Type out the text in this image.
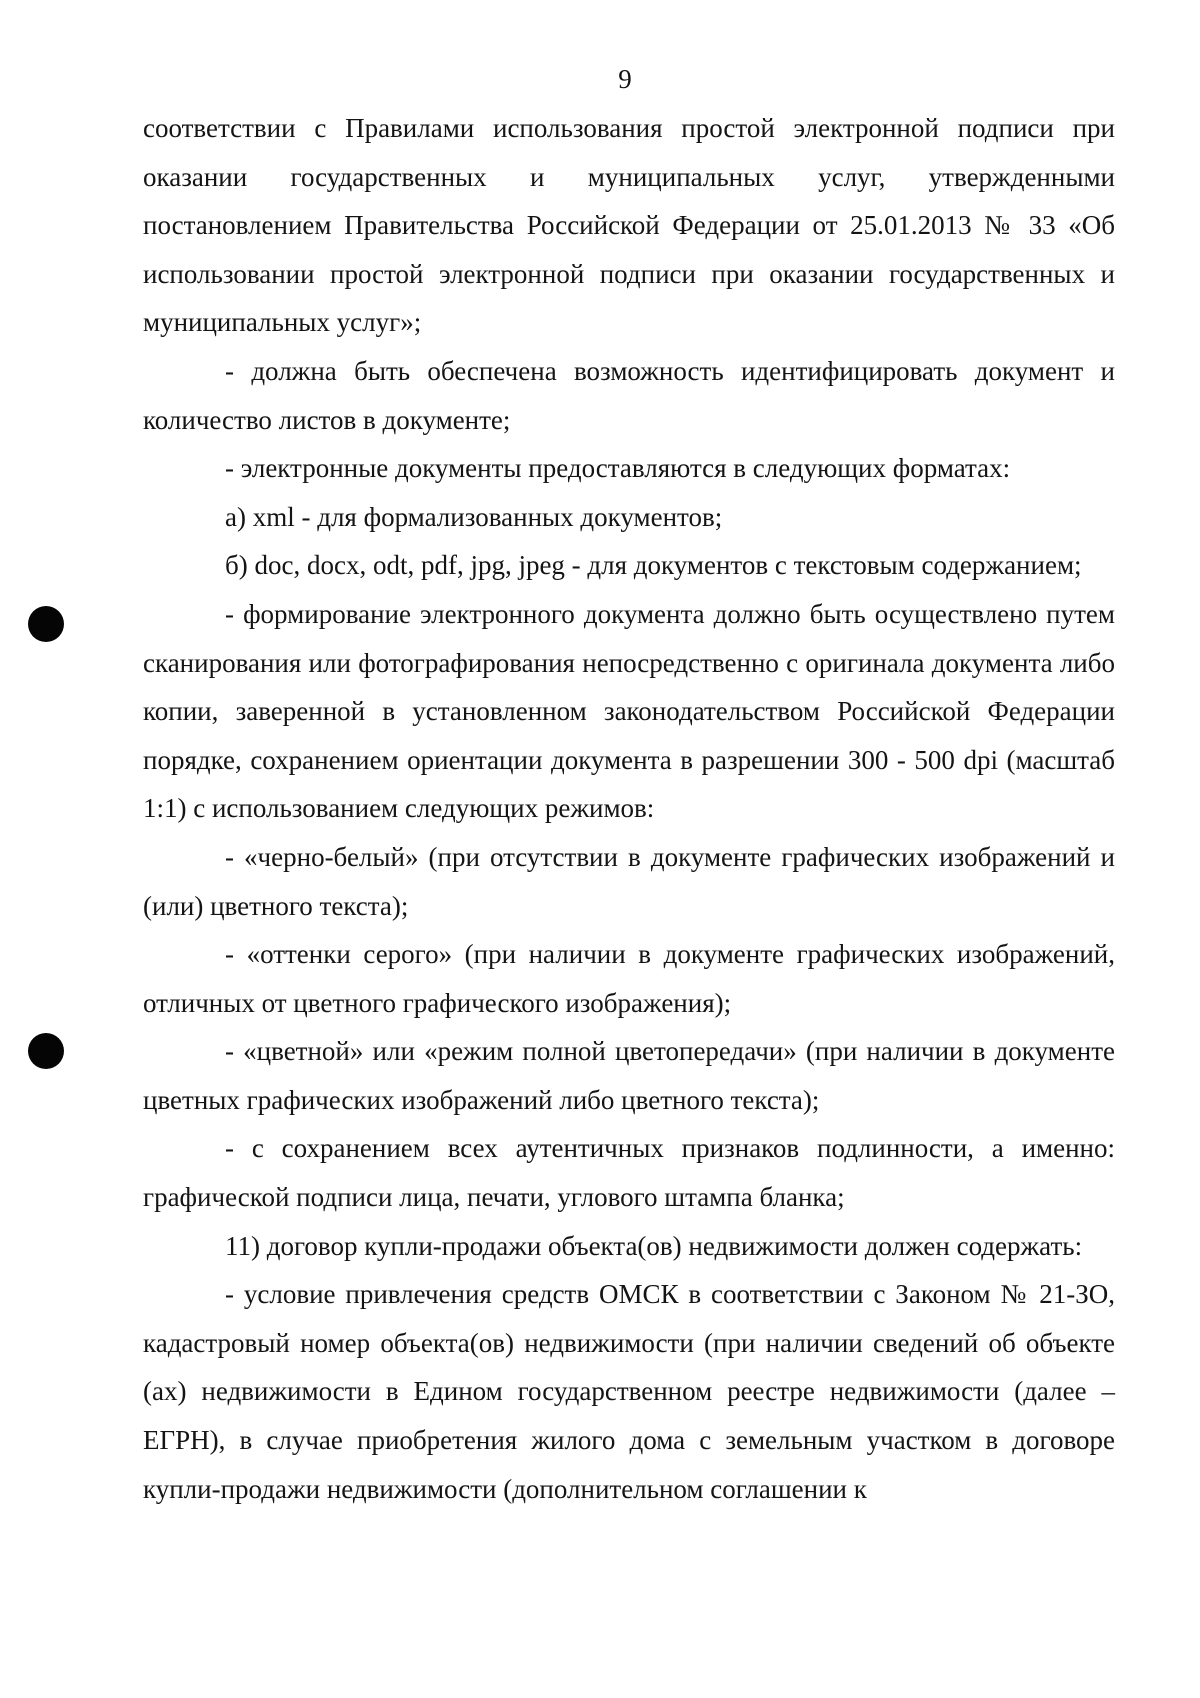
9

соответствии с Правилами использования простой электронной подписи при оказании государственных и муниципальных услуг, утвержденными постановлением Правительства Российской Федерации от 25.01.2013 № 33 «Об использовании простой электронной подписи при оказании государственных и муниципальных услуг»;

- должна быть обеспечена возможность идентифицировать документ и количество листов в документе;

- электронные документы предоставляются в следующих форматах:

а) xml - для формализованных документов;

б) doc, docx, odt, pdf, jpg, jpeg - для документов с текстовым содержанием;

- формирование электронного документа должно быть осуществлено путем сканирования или фотографирования непосредственно с оригинала документа либо копии, заверенной в установленном законодательством Российской Федерации порядке, сохранением ориентации документа в разрешении 300 - 500 dpi (масштаб 1:1) с использованием следующих режимов:

- «черно-белый» (при отсутствии в документе графических изображений и (или) цветного текста);

- «оттенки серого» (при наличии в документе графических изображений, отличных от цветного графического изображения);

- «цветной» или «режим полной цветопередачи» (при наличии в документе цветных графических изображений либо цветного текста);

- с сохранением всех аутентичных признаков подлинности, а именно: графической подписи лица, печати, углового штампа бланка;

11) договор купли-продажи объекта(ов) недвижимости должен содержать:

- условие привлечения средств ОМСК в соответствии с Законом № 21-ЗО, кадастровый номер объекта(ов) недвижимости (при наличии сведений об объекте (ах) недвижимости в Едином государственном реестре недвижимости (далее – ЕГРН), в случае приобретения жилого дома с земельным участком в договоре купли-продажи недвижимости (дополнительном соглашении к
